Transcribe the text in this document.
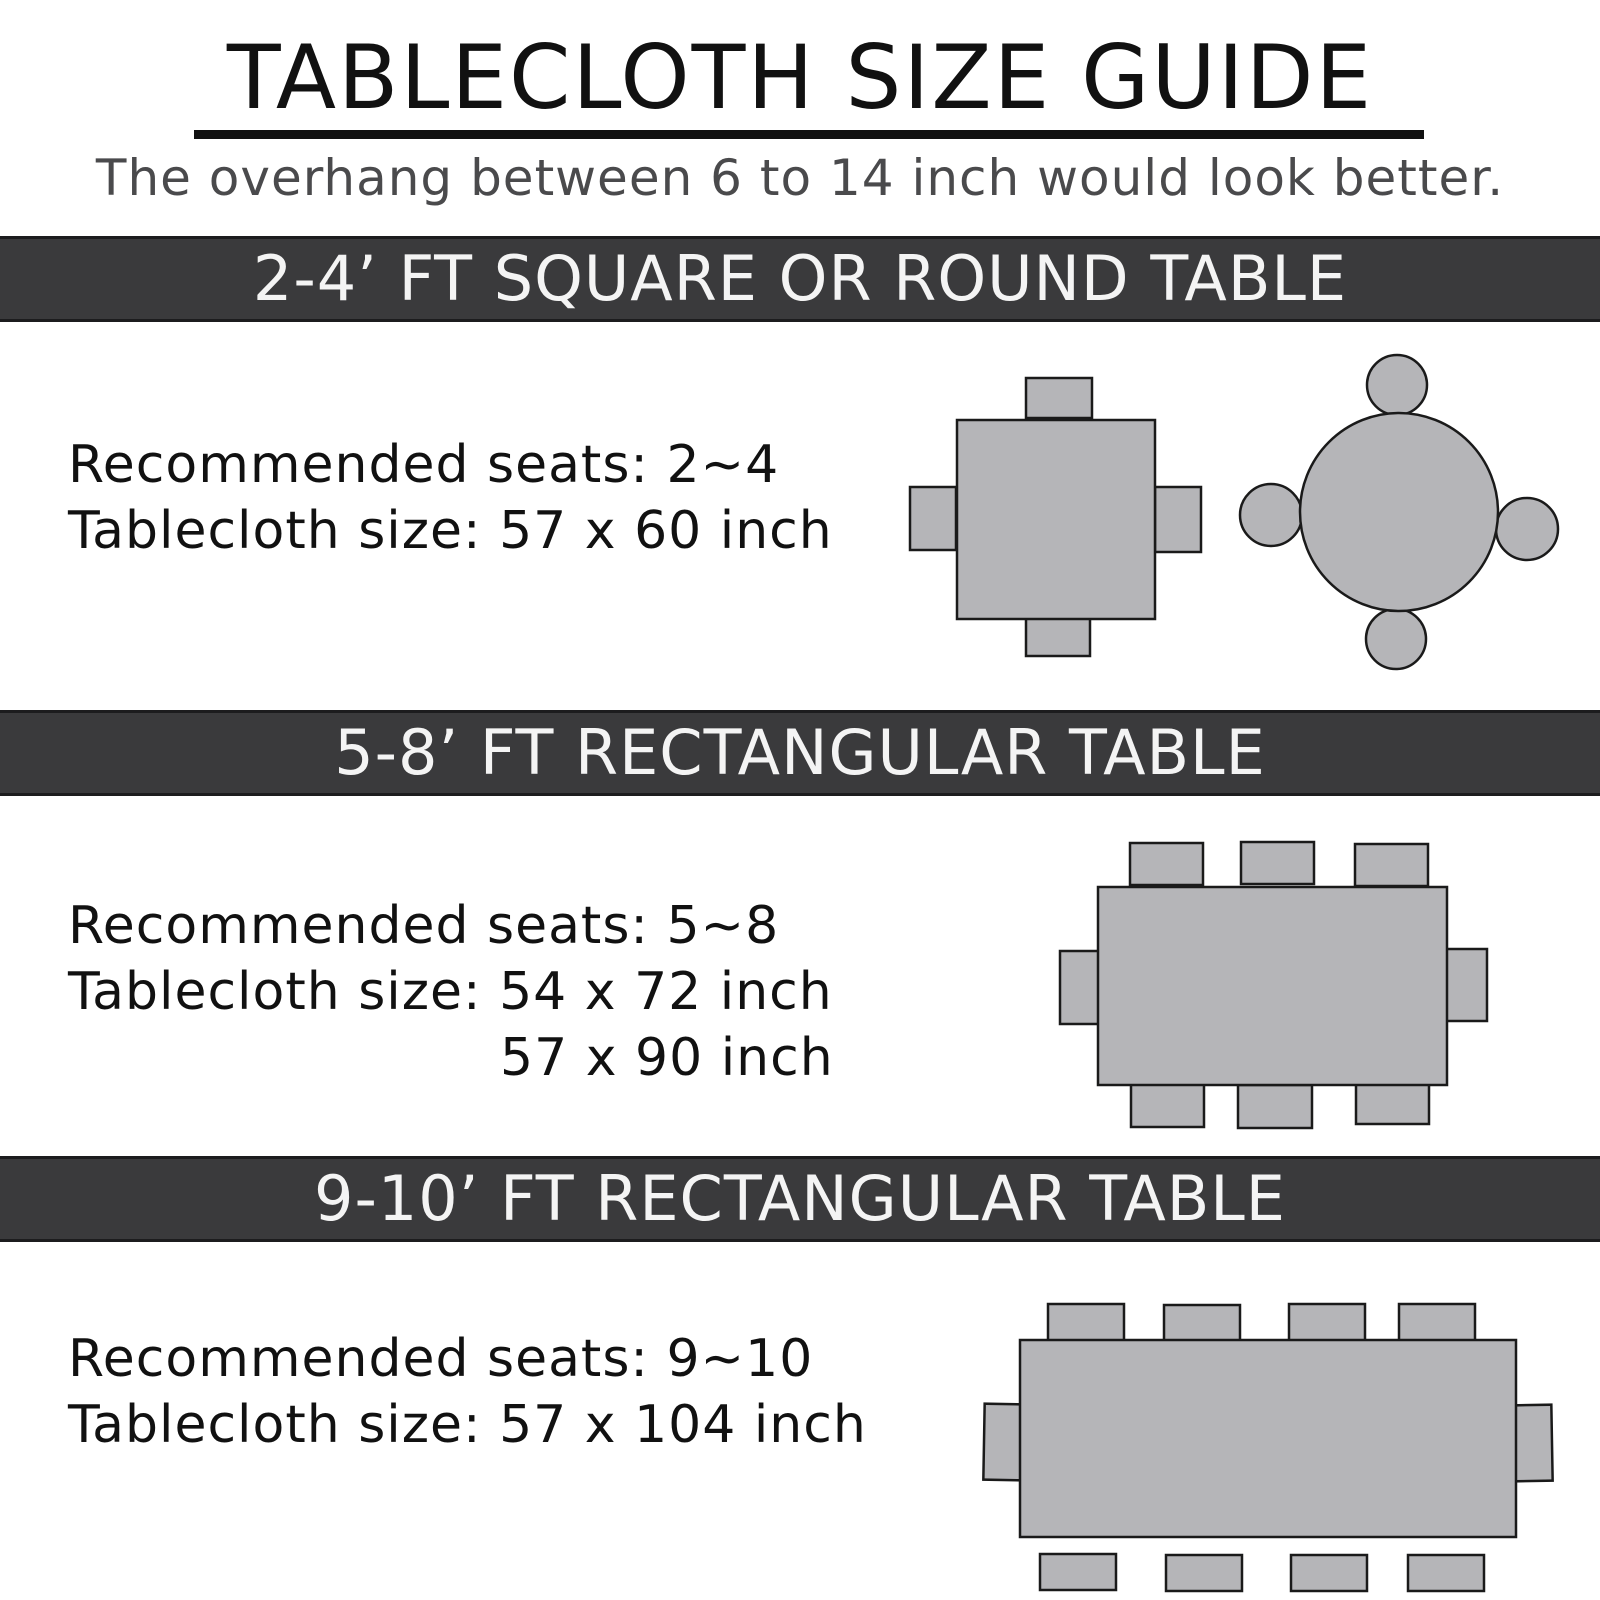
TABLECLOTH SIZE GUIDE
The overhang between 6 to 14 inch would look better.
2-4’ FT SQUARE OR ROUND TABLE
Recommended seats: 2∼4
Tablecloth size: 57 x 60 inch
5-8’ FT RECTANGULAR TABLE
Recommended seats: 5∼8
Tablecloth size: 54 x 72 inch
57 x 90 inch
9-10’ FT RECTANGULAR TABLE
Recommended seats: 9∼10
Tablecloth size: 57 x 104 inch
